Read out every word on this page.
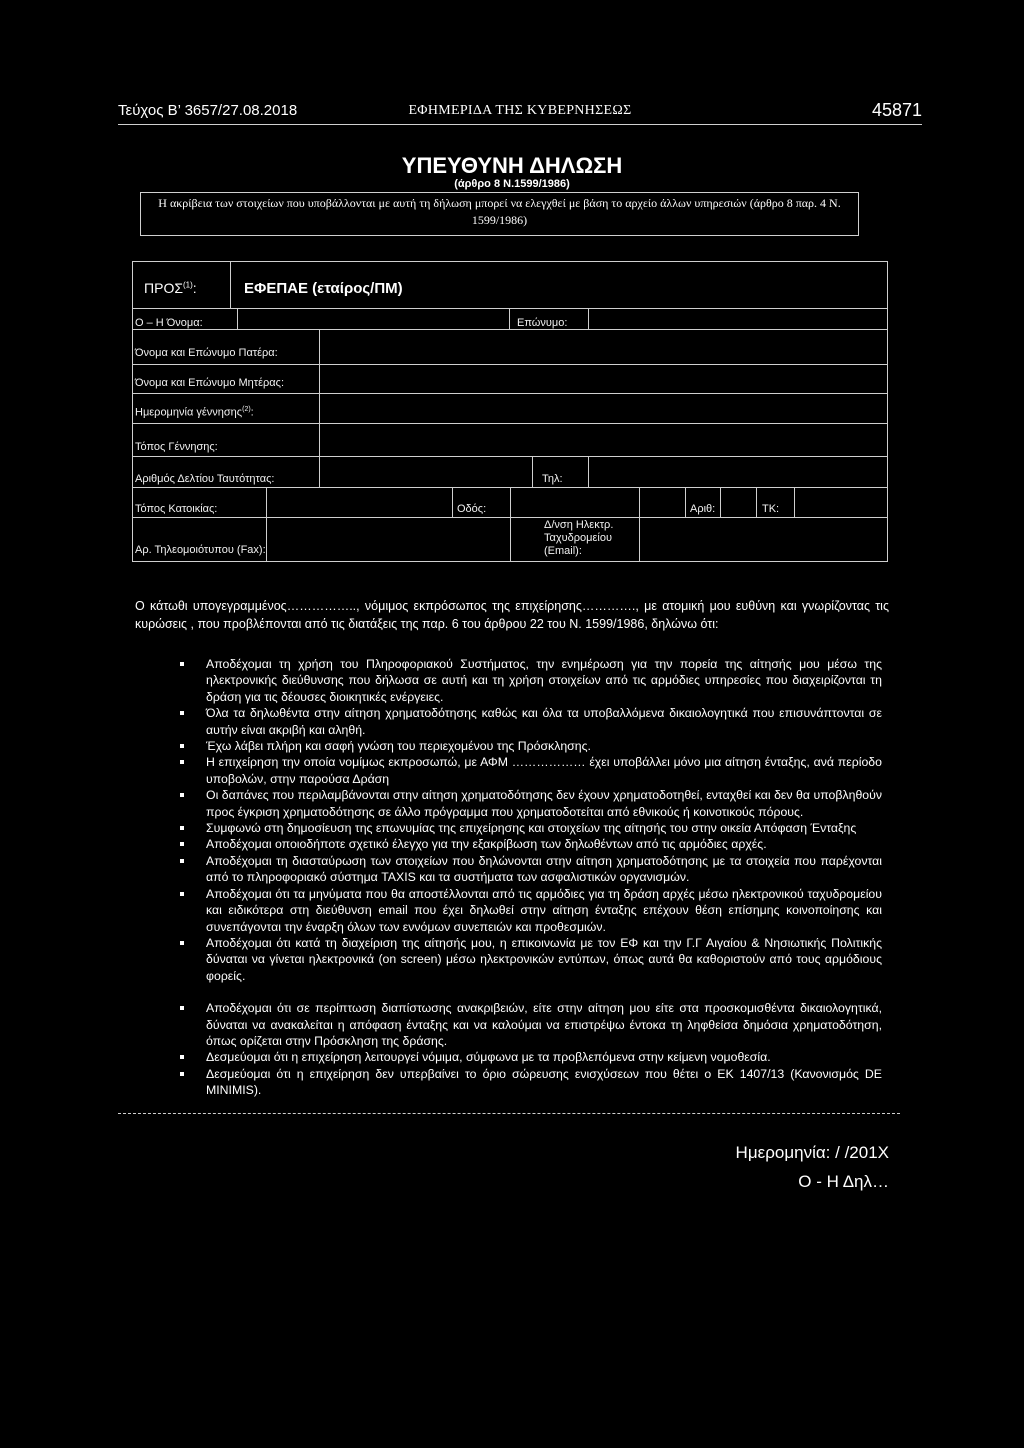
Τεύχος Β’ 3657/27.08.2018	ΕΦΗΜΕΡΙΔΑ ΤΗΣ ΚΥΒΕΡΝΗΣΕΩΣ	45871
ΥΠΕΥΘΥΝΗ ΔΗΛΩΣΗ
(άρθρο 8 Ν.1599/1986)
Η ακρίβεια των στοιχείων που υποβάλλονται με αυτή τη δήλωση μπορεί να ελεγχθεί με βάση το αρχείο άλλων υπηρεσιών (άρθρο 8 παρ. 4 Ν. 1599/1986)
ΠΡΟΣ$^{(1)}$:	ΕΦΕΠΑΕ (εταίρος/ΠΜ)
Ο – Η Όνομα:	Επώνυμο:
Όνομα και Επώνυμο Πατέρα:
Όνομα και Επώνυμο Μητέρας:
Ημερομηνία γέννησης$^{(2)}$:
Τόπος Γέννησης:
Αριθμός Δελτίου Ταυτότητας:	Τηλ:
Τόπος Κατοικίας:	Οδός:	Αριθ:	ΤΚ:
Αρ. Τηλεομοιότυπου (Fax):
Δ/νση Ηλεκτρ.
Ταχυδρομείου
(Email):
Ο κάτωθι υπογεγραμμένος…………….., νόμιμος εκπρόσωπος της επιχείρησης…………., με ατομική μου ευθύνη και γνωρίζοντας τις κυρώσεις , που προβλέπονται από τις διατάξεις της παρ. 6 του άρθρου 22 του Ν. 1599/1986, δηλώνω ότι:
Αποδέχομαι τη χρήση του Πληροφοριακού Συστήματος, την ενημέρωση για την πορεία της αίτησής μου μέσω της ηλεκτρονικής διεύθυνσης που δήλωσα σε αυτή και τη χρήση στοιχείων από τις αρμόδιες υπηρεσίες που διαχειρίζονται τη δράση για τις δέουσες διοικητικές ενέργειες.
Όλα τα δηλωθέντα στην αίτηση χρηματοδότησης καθώς και όλα τα υποβαλλόμενα δικαιολογητικά που επισυνάπτονται σε αυτήν είναι ακριβή και αληθή.
Έχω λάβει πλήρη και σαφή γνώση του περιεχομένου της Πρόσκλησης.
Η επιχείρηση την οποία νομίμως εκπροσωπώ, με ΑΦΜ ……………… έχει υποβάλλει μόνο μια αίτηση ένταξης, ανά περίοδο υποβολών, στην παρούσα Δράση
Οι δαπάνες που περιλαμβάνονται στην αίτηση χρηματοδότησης δεν έχουν χρηματοδοτηθεί, ενταχθεί και δεν θα υποβληθούν προς έγκριση χρηματοδότησης σε άλλο πρόγραμμα που χρηματοδοτείται από εθνικούς ή κοινοτικούς πόρους.
Συμφωνώ στη δημοσίευση της επωνυμίας της επιχείρησης και στοιχείων της αίτησής του στην οικεία Απόφαση Ένταξης
Αποδέχομαι οποιοδήποτε σχετικό έλεγχο για την εξακρίβωση των δηλωθέντων από τις αρμόδιες αρχές.
Αποδέχομαι τη διασταύρωση των στοιχείων που δηλώνονται στην αίτηση χρηματοδότησης με τα στοιχεία που παρέχονται από το πληροφοριακό σύστημα TAXIS και τα συστήματα των ασφαλιστικών οργανισμών.
Αποδέχομαι ότι τα μηνύματα που θα αποστέλλονται από τις αρμόδιες για τη δράση αρχές μέσω ηλεκτρονικού ταχυδρομείου και ειδικότερα στη διεύθυνση email που έχει δηλωθεί στην αίτηση ένταξης επέχουν θέση επίσημης κοινοποίησης και συνεπάγονται την έναρξη όλων των εννόμων συνεπειών και προθεσμιών.
Αποδέχομαι ότι κατά τη διαχείριση της αίτησής μου, η επικοινωνία με τον ΕΦ και την Γ.Γ Αιγαίου & Νησιωτικής Πολιτικής δύναται να γίνεται ηλεκτρονικά (on screen) μέσω ηλεκτρονικών εντύπων, όπως αυτά θα καθοριστούν από τους αρμόδιους φορείς.
Αποδέχομαι ότι σε περίπτωση διαπίστωσης ανακριβειών, είτε στην αίτηση μου είτε στα προσκομισθέντα δικαιολογητικά, δύναται να ανακαλείται η απόφαση ένταξης και να καλούμαι να επιστρέψω έντοκα τη ληφθείσα δημόσια χρηματοδότηση, όπως ορίζεται στην Πρόσκληση της δράσης.
Δεσμεύομαι ότι η επιχείρηση λειτουργεί νόμιμα, σύμφωνα με τα προβλεπόμενα στην κείμενη νομοθεσία.
Δεσμεύομαι ότι η επιχείρηση δεν υπερβαίνει το όριο σώρευσης ενισχύσεων που θέτει ο ΕΚ 1407/13 (Κανονισμός DE MINIMIS).
Ημερομηνία: / /201Χ
Ο - Η Δηλ…
